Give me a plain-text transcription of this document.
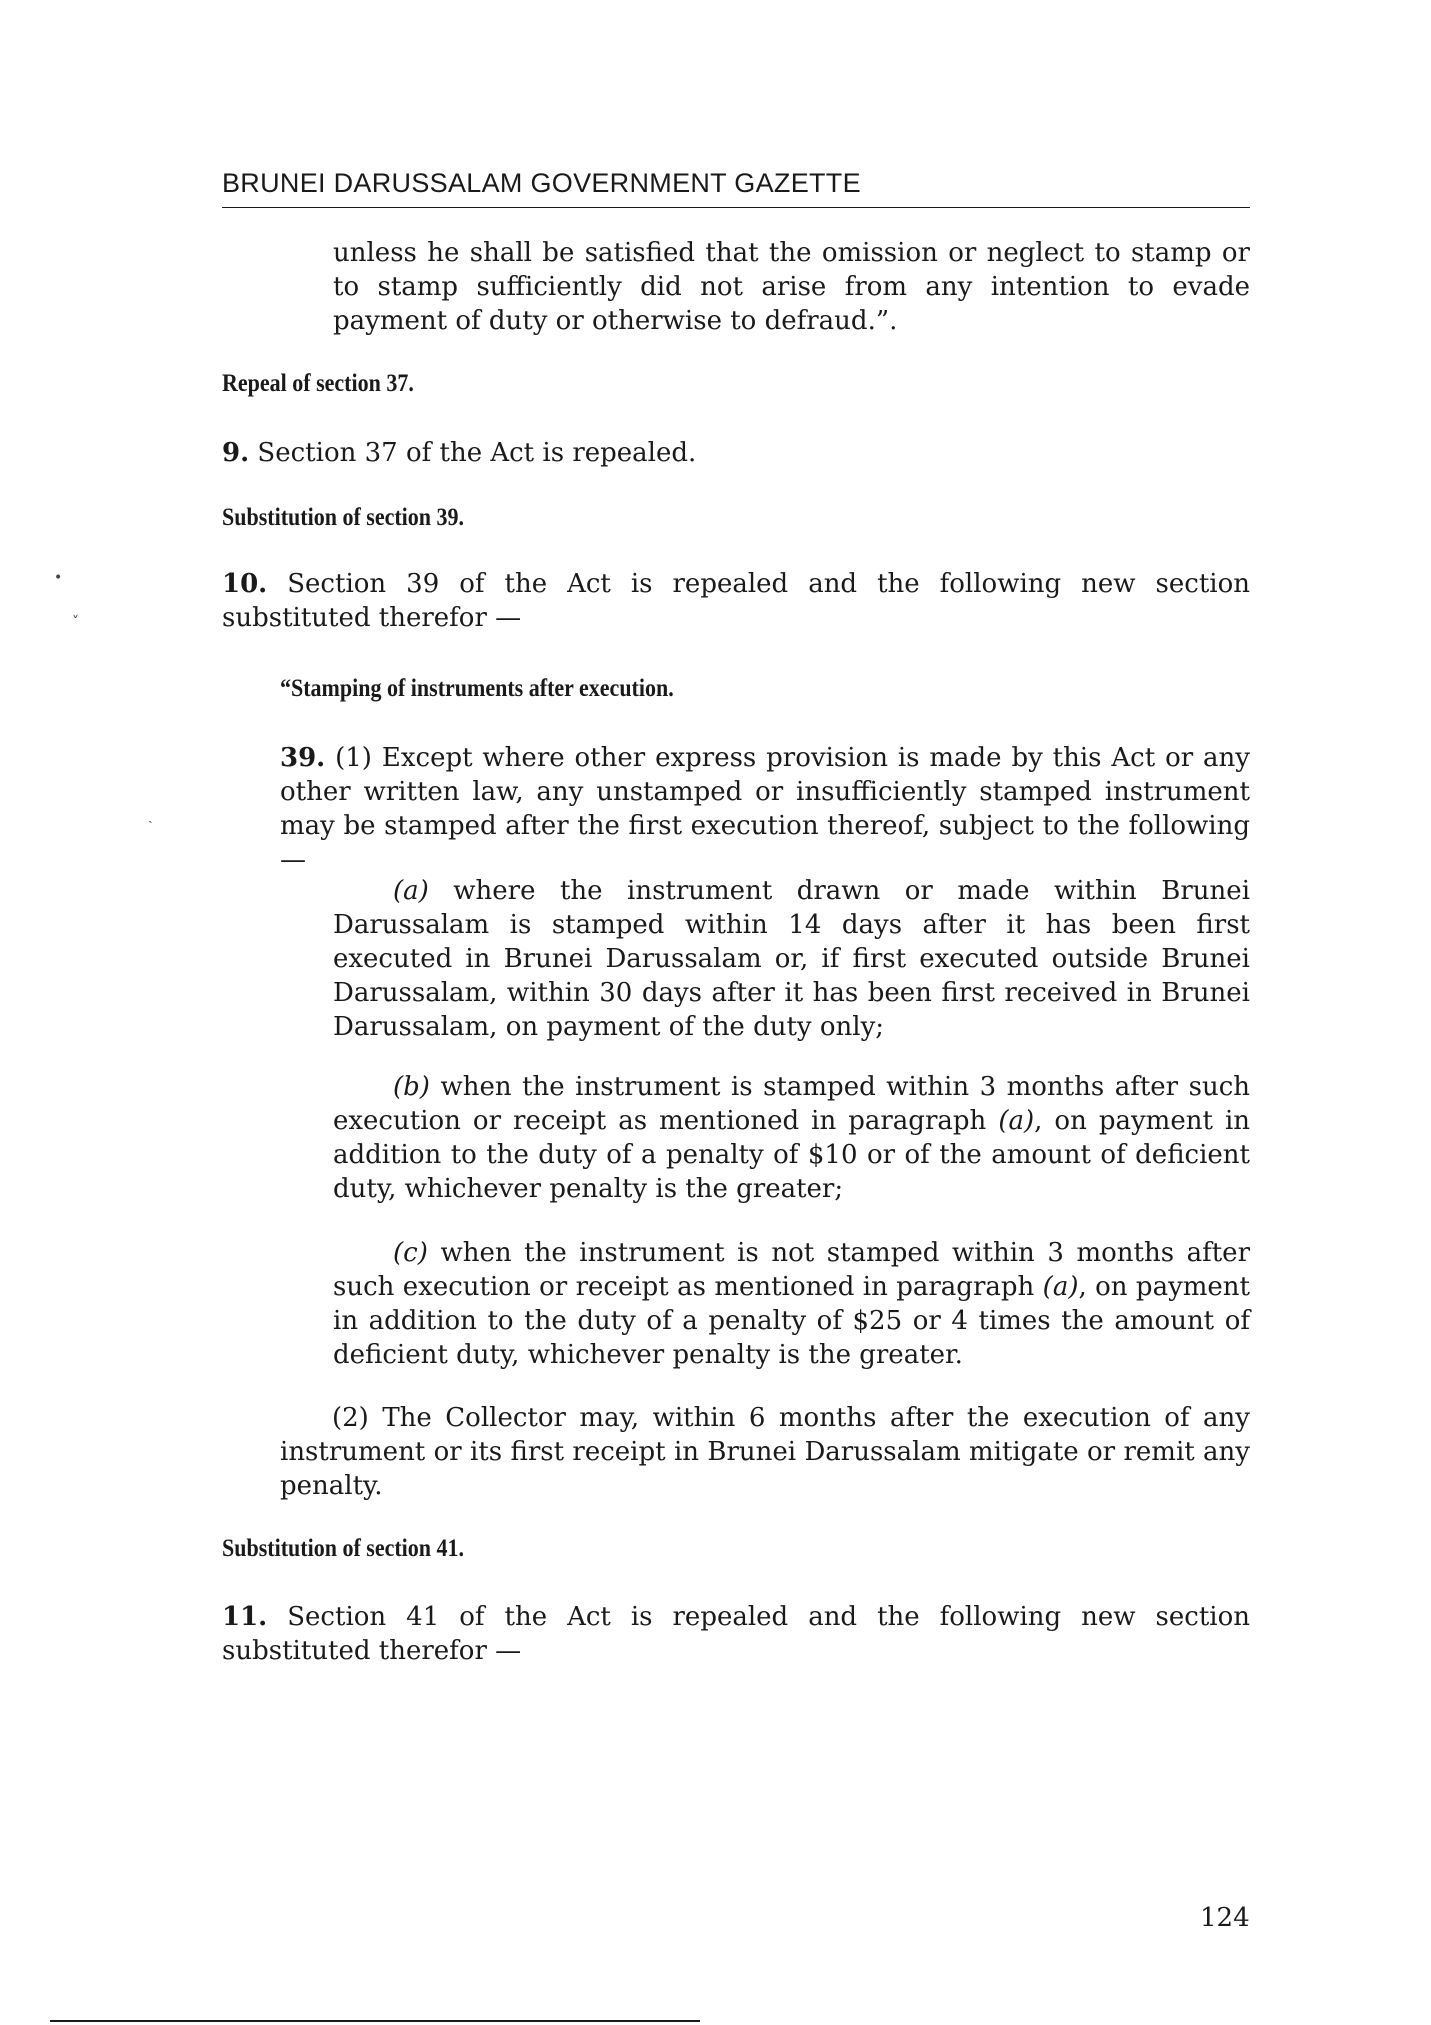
BRUNEI DARUSSALAM GOVERNMENT GAZETTE

unless he shall be satisfied that the omission or neglect to stamp or to stamp sufficiently did not arise from any intention to evade payment of duty or otherwise to defraud.”.

Repeal of section 37.

9. Section 37 of the Act is repealed.

Substitution of section 39.

10. Section 39 of the Act is repealed and the following new section substituted therefor —

“Stamping of instruments after execution.

39. (1) Except where other express provision is made by this Act or any other written law, any unstamped or insufficiently stamped instrument may be stamped after the first execution thereof, subject to the following —

(a) where the instrument drawn or made within Brunei Darussalam is stamped within 14 days after it has been first executed in Brunei Darussalam or, if first executed outside Brunei Darussalam, within 30 days after it has been first received in Brunei Darussalam, on payment of the duty only;

(b) when the instrument is stamped within 3 months after such execution or receipt as mentioned in paragraph (a), on payment in addition to the duty of a penalty of $10 or of the amount of deficient duty, whichever penalty is the greater;

(c) when the instrument is not stamped within 3 months after such execution or receipt as mentioned in paragraph (a), on payment in addition to the duty of a penalty of $25 or 4 times the amount of deficient duty, whichever penalty is the greater.

(2) The Collector may, within 6 months after the execution of any instrument or its first receipt in Brunei Darussalam mitigate or remit any penalty.

Substitution of section 41.

11. Section 41 of the Act is repealed and the following new section substituted therefor —

124
•
˅
ˎ
